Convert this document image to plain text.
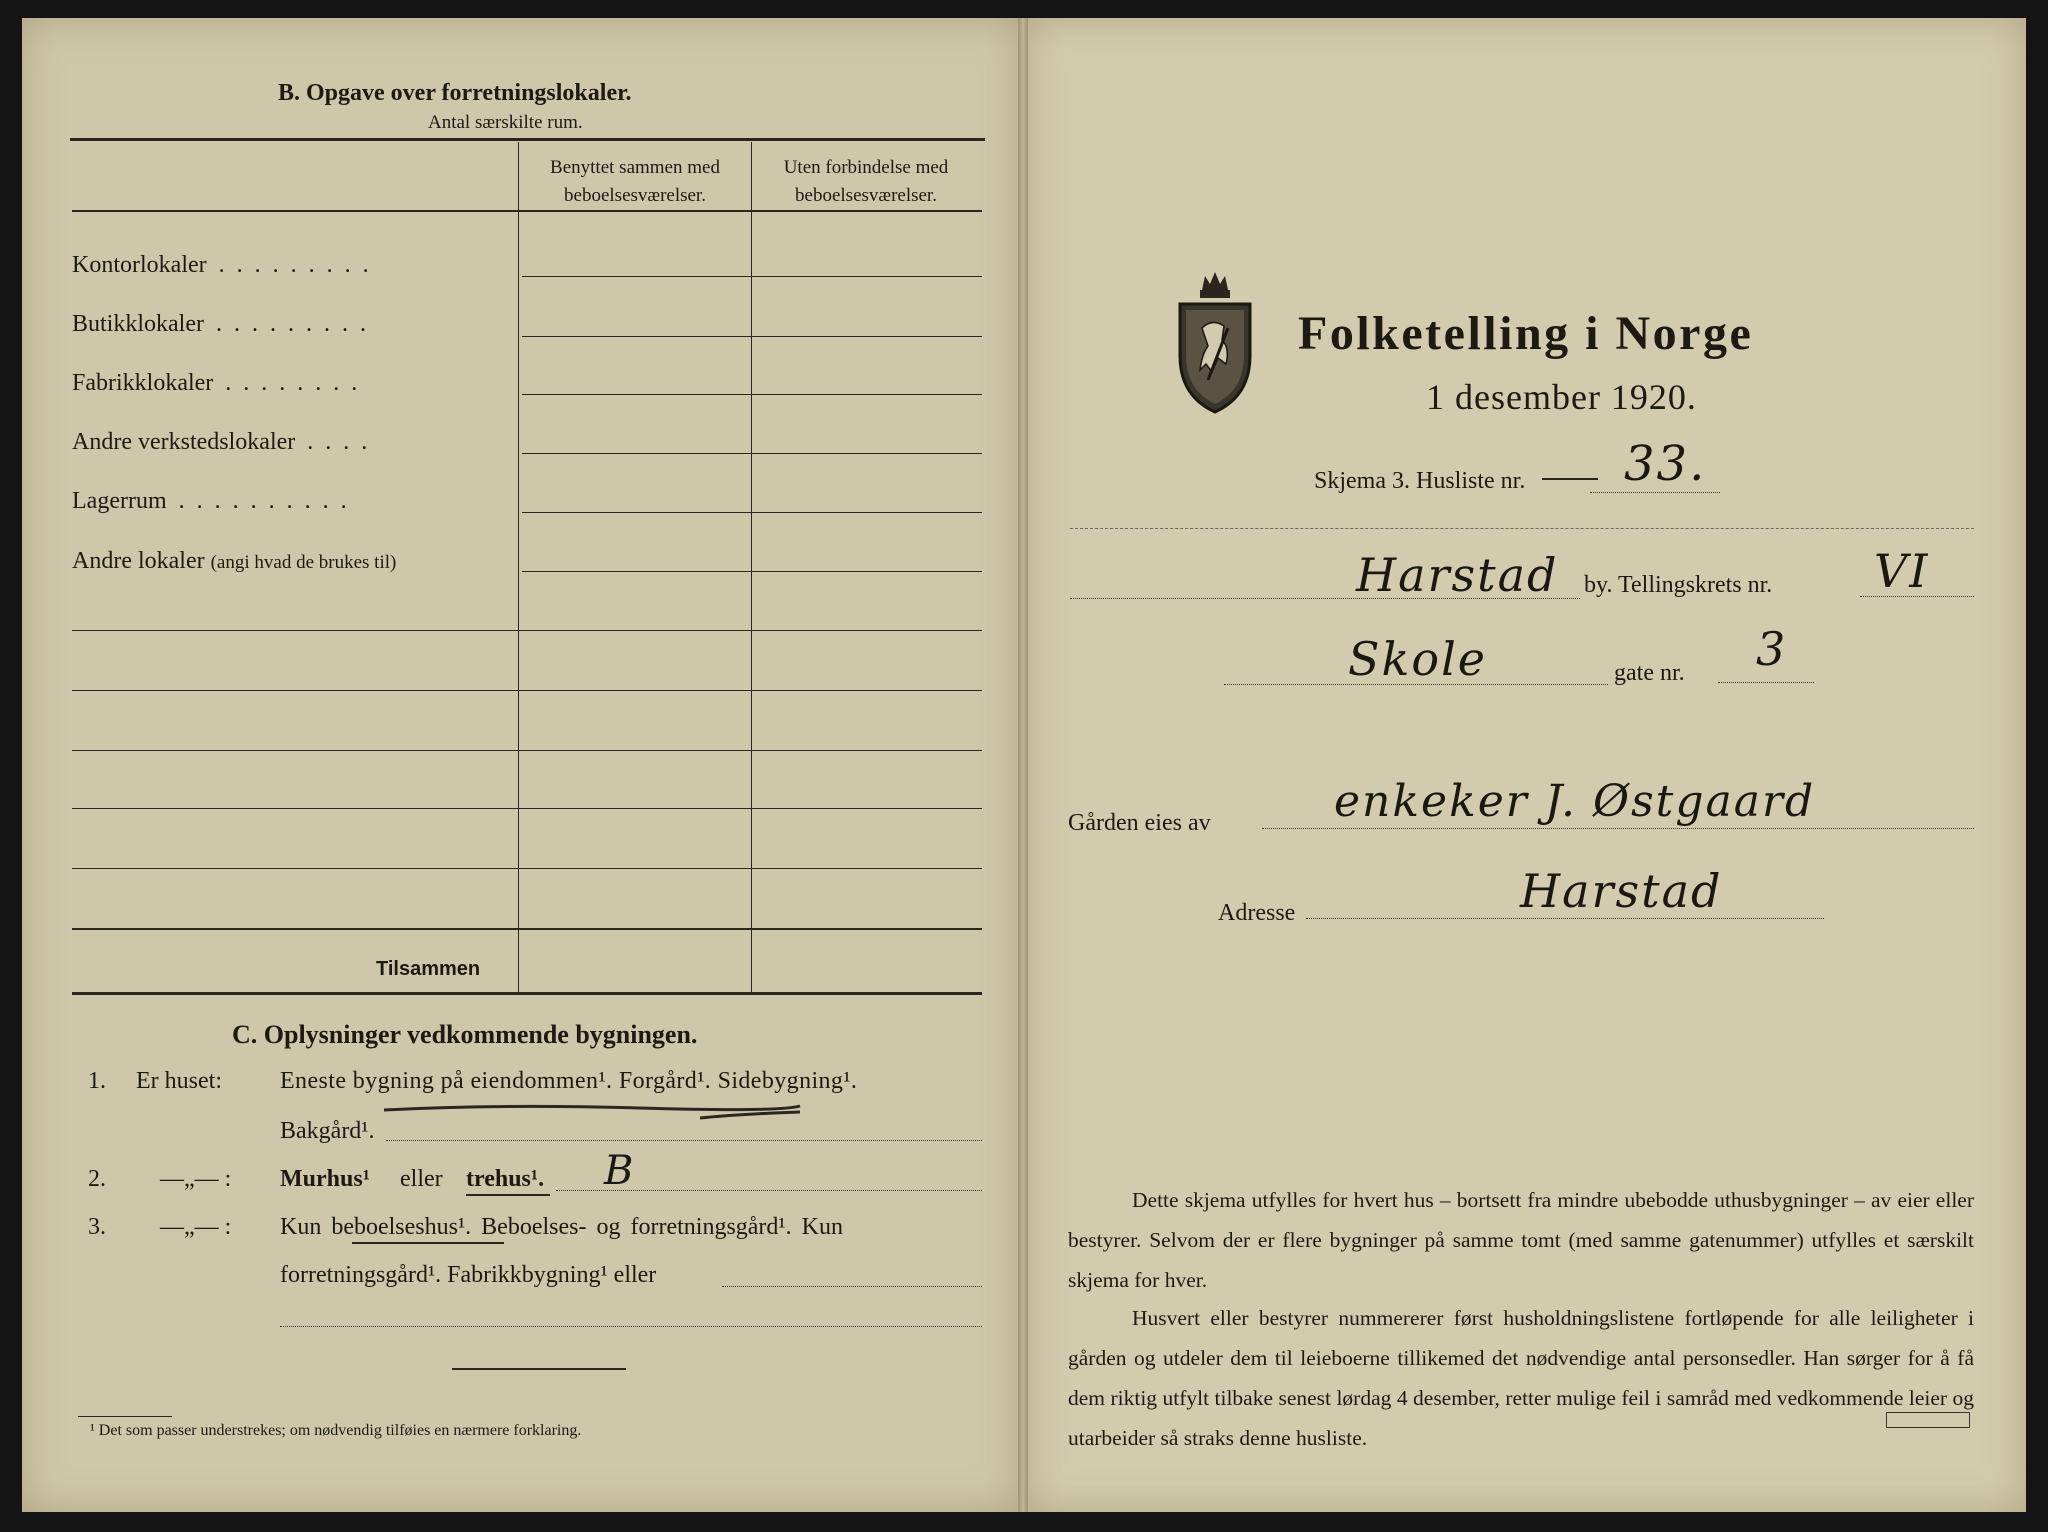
B. Opgave over forretningslokaler.
Antal særskilte rum.
Benyttet sammen med beboelsesværelser.
Uten forbindelse med beboelsesværelser.
Kontorlokaler  .  .  .  .  .  .  .  .  .
Butikklokaler  .  .  .  .  .  .  .  .  .
Fabrikklokaler  .  .  .  .  .  .  .  .
Andre verkstedslokaler  .  .  .  .
Lagerrum  .  .  .  .  .  .  .  .  .  .
Andre lokaler (angi hvad de brukes til)
Tilsammen
C. Oplysninger vedkommende bygningen.
1. Er huset: Eneste bygning på eiendommen¹. Forgård¹. Sidebygning¹.
Bakgård¹.
2. —„— : Murhus¹ eller trehus¹. B
3. —„— : Kun beboelseshus¹. Beboelses- og forretningsgård¹. Kun
forretningsgård¹. Fabrikkbygning¹ eller
¹ Det som passer understrekes; om nødvendig tilføies en nærmere forklaring.
Folketelling i Norge
1 desember 1920.
Skjema 3. Husliste nr. 33.
Harstad by. Tellingskrets nr. VI
Skole	gate nr. 3
Gården eies av	enkeker J. Østgaard
Adresse	Harstad
Dette skjema utfylles for hvert hus – bortsett fra mindre ubebodde uthusbygninger – av eier eller bestyrer. Selvom der er flere bygninger på samme tomt (med samme gatenummer) utfylles et særskilt skjema for hver.
Husvert eller bestyrer nummererer først husholdningslistene fortløpende for alle leiligheter i gården og utdeler dem til leieboerne tillikemed det nødvendige antal personsedler. Han sørger for å få dem riktig utfylt tilbake senest lørdag 4 desember, retter mulige feil i samråd med vedkommende leier og utarbeider så straks denne husliste.
